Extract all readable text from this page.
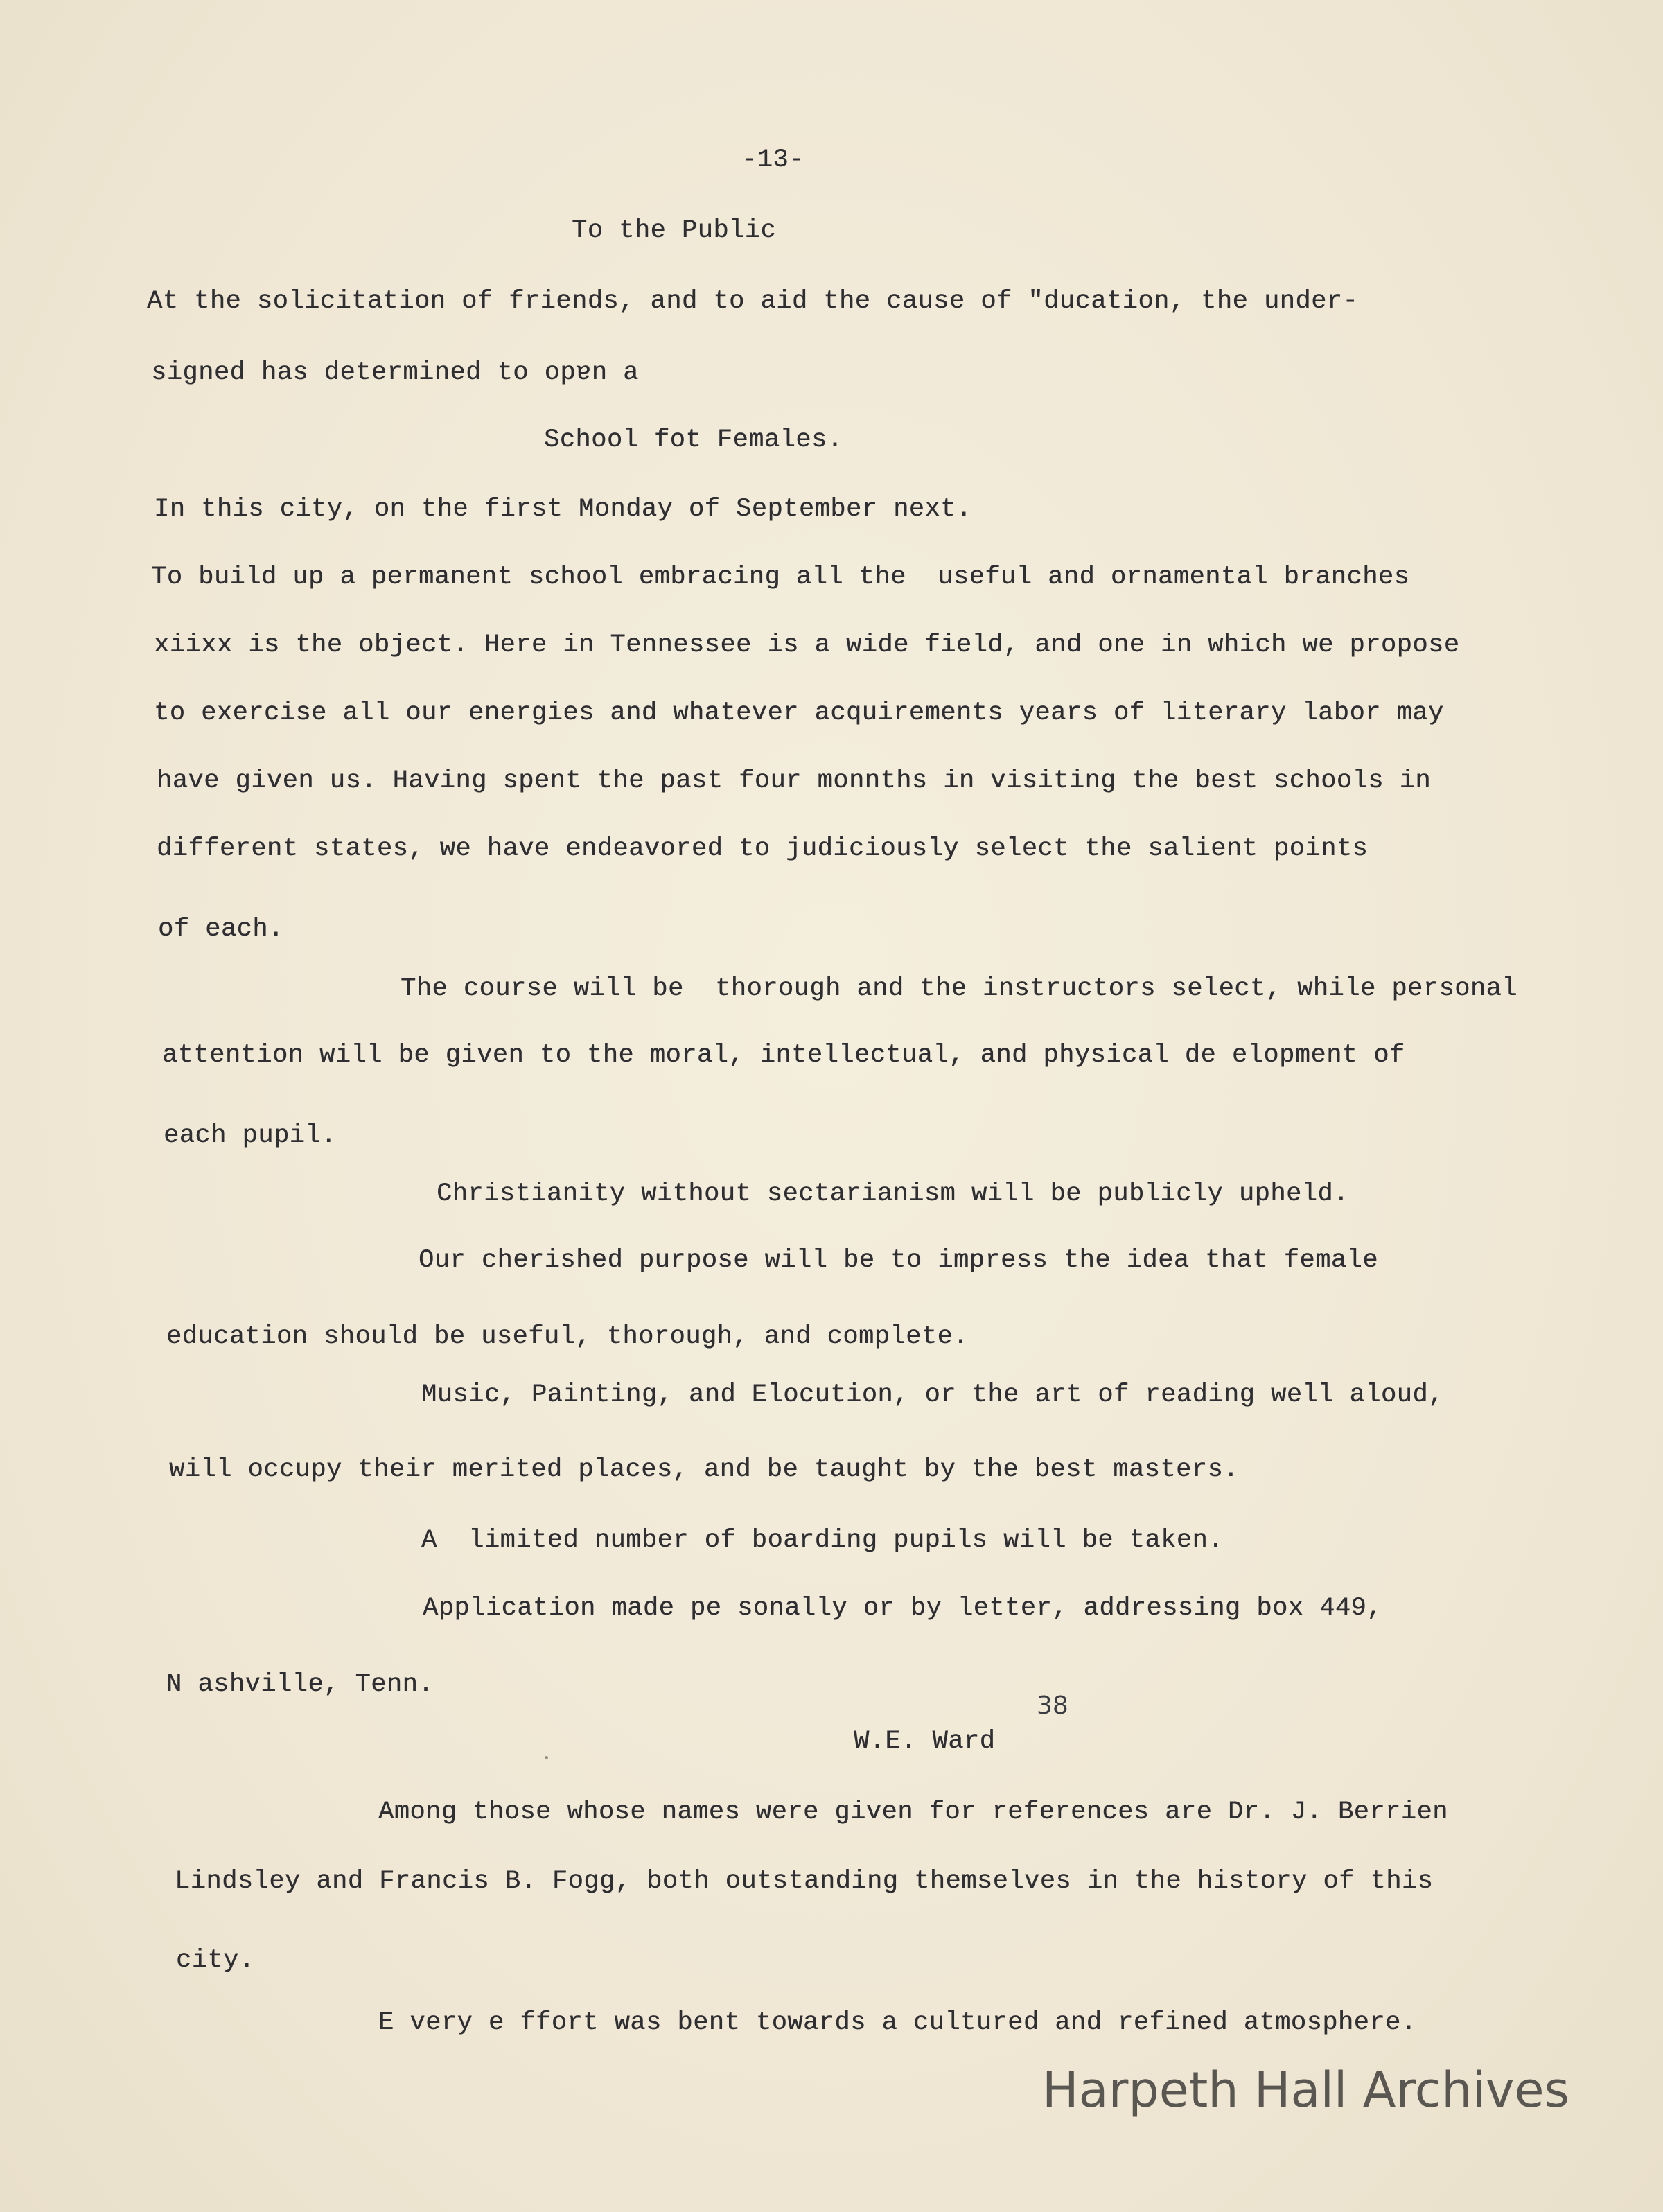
-13-
To the Public
At the solicitation of friends, and to aid the cause of "ducation, the under-
signed has determined to opɐn a
School fot Females.
In this city, on the first Monday of September next.
To build up a permanent school embracing all the  useful and ornamental branches
xiixx is the object. Here in Tennessee is a wide field, and one in which we propose
to exercise all our energies and whatever acquirements years of literary labor may
have given us. Having spent the past four monnths in visiting the best schools in
different states, we have endeavored to judiciously select the salient points
of each.
The course will be  thorough and the instructors select, while personal
attention will be given to the moral, intellectual, and physical de elopment of
each pupil.
Christianity without sectarianism will be publicly upheld.
Our cherished purpose will be to impress the idea that female
education should be useful, thorough, and complete.
Music, Painting, and Elocution, or the art of reading well aloud,
will occupy their merited places, and be taught by the best masters.
A  limited number of boarding pupils will be taken.
Application made pe sonally or by letter, addressing box 449,
N ashville, Tenn.
38
W.E. Ward
Among those whose names were given for references are Dr. J. Berrien
Lindsley and Francis B. Fogg, both outstanding themselves in the history of this
city.
E very e ffort was bent towards a cultured and refined atmosphere.
Harpeth Hall Archives
